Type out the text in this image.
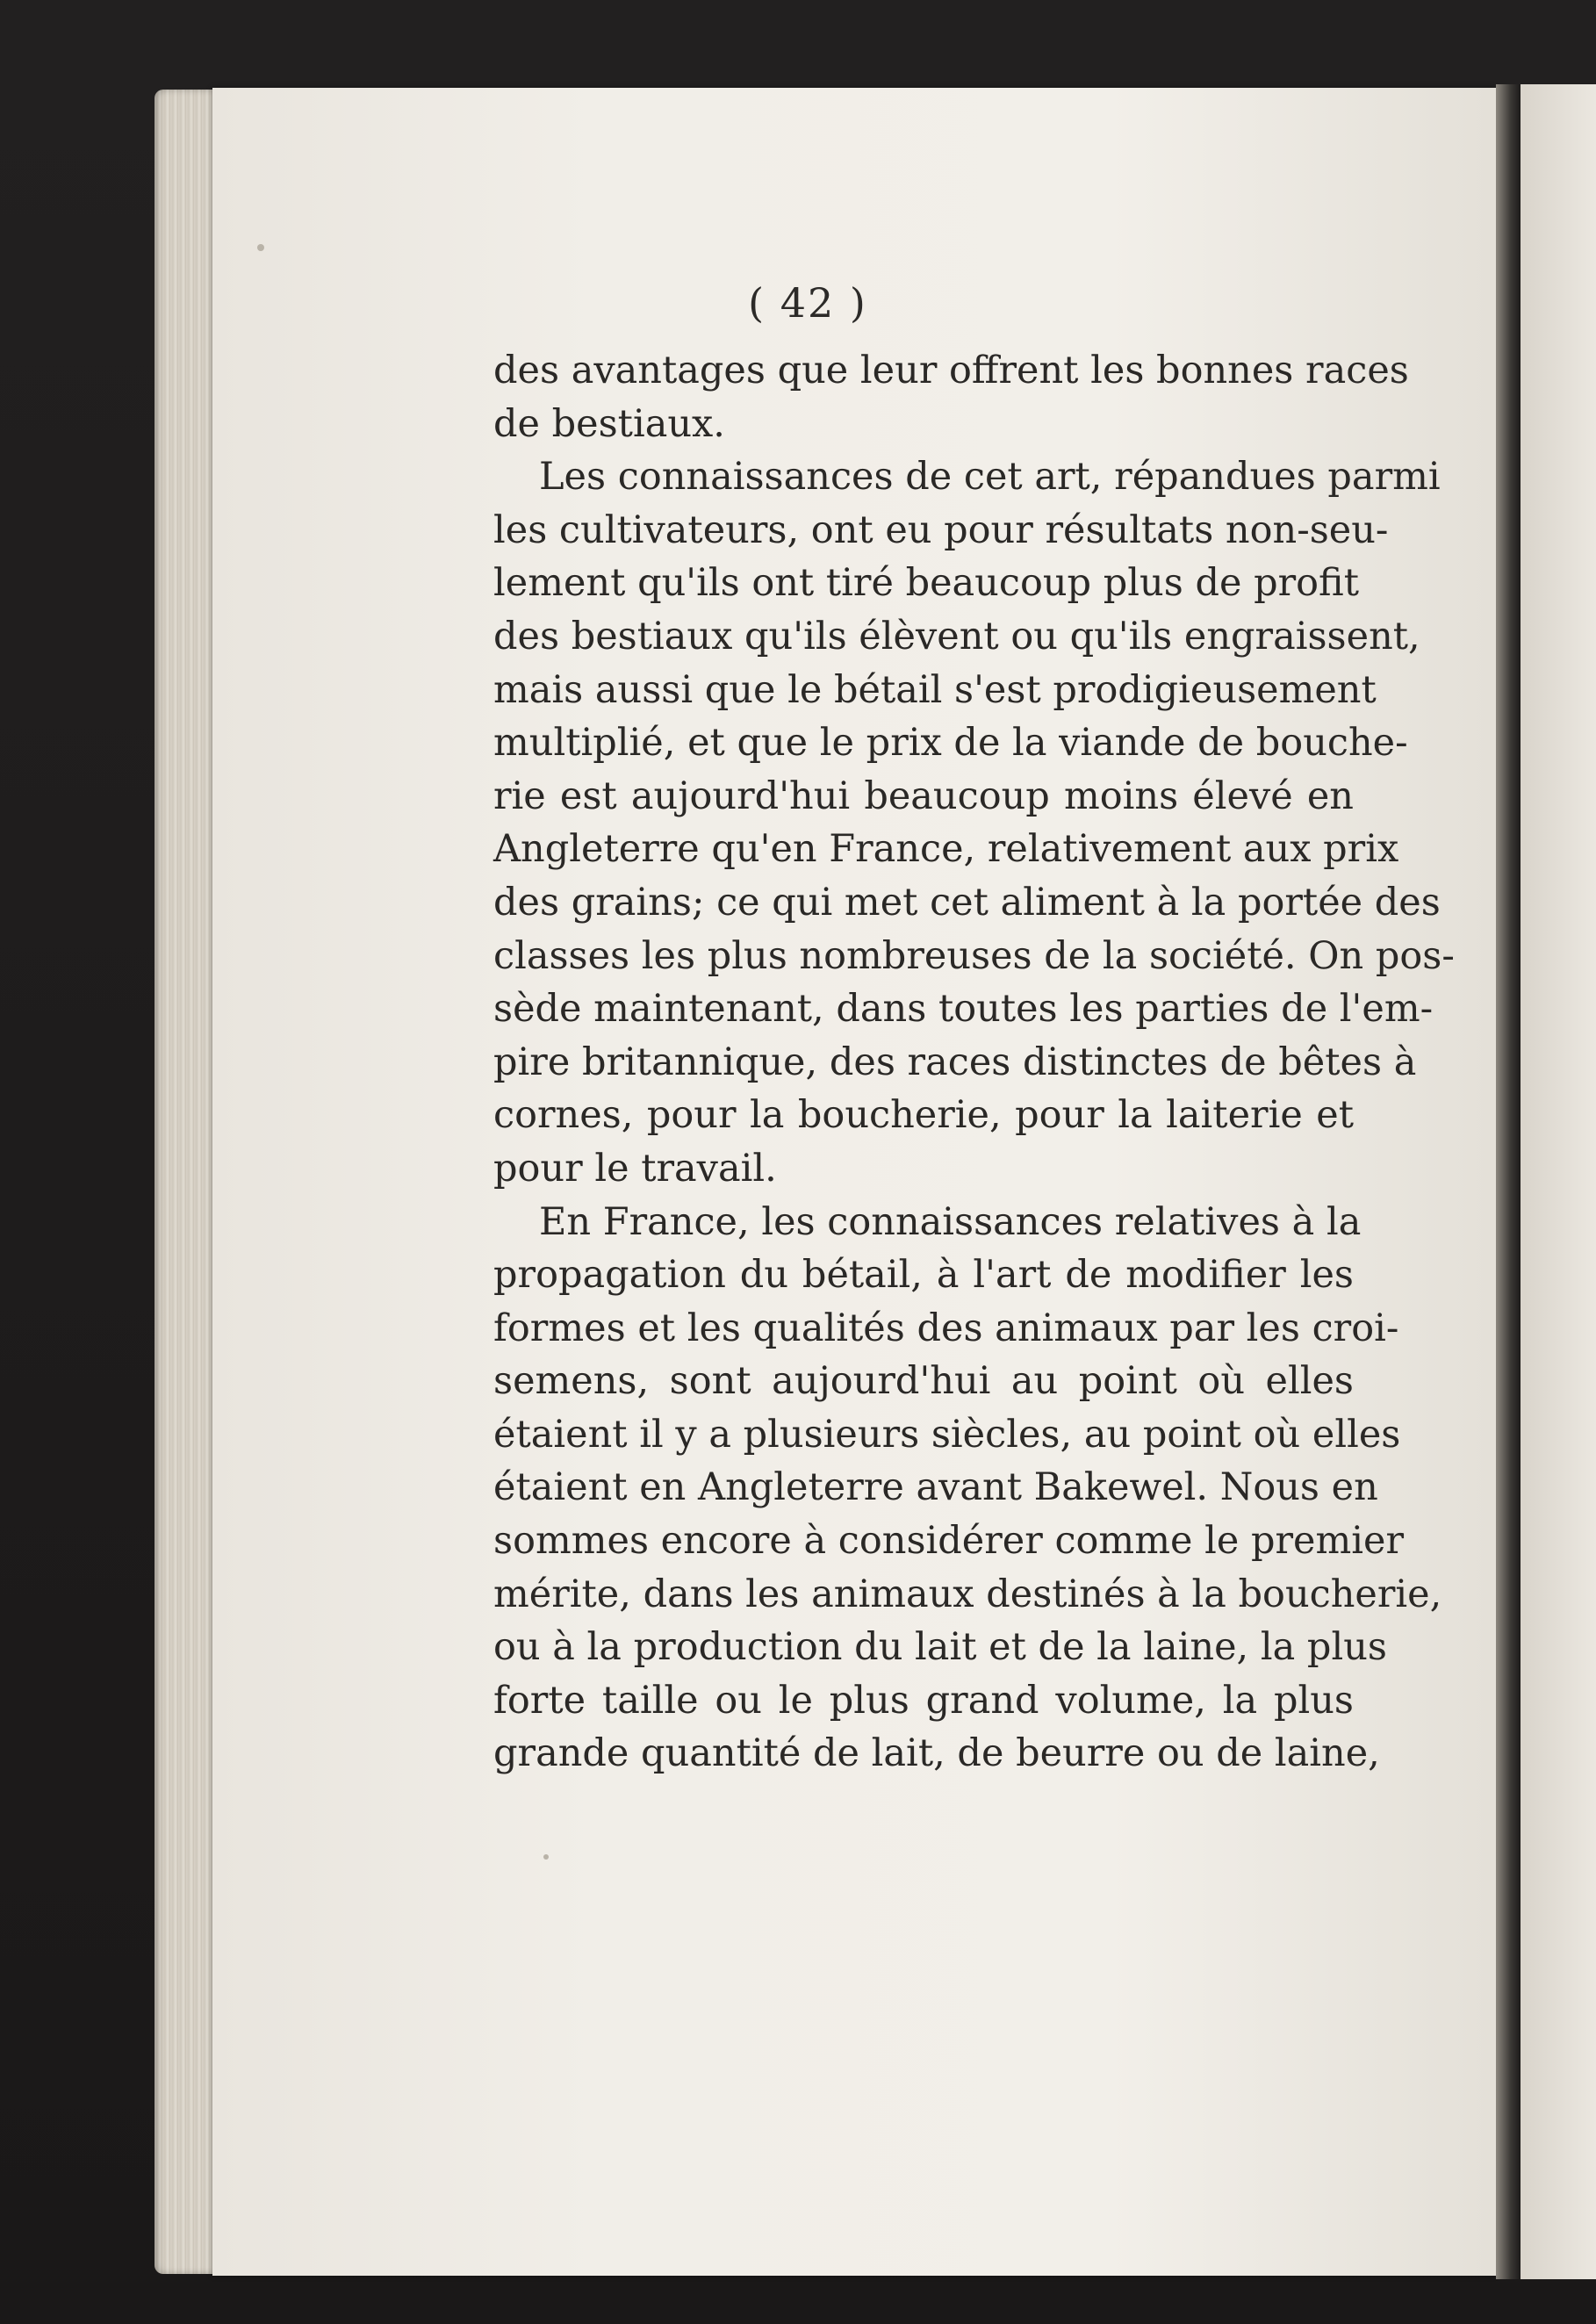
( 42 )
des avantages que leur offrent les bonnes races
de bestiaux.
Les connaissances de cet art, répandues parmi
les cultivateurs, ont eu pour résultats non-seu-
lement qu'ils ont tiré beaucoup plus de profit
des bestiaux qu'ils élèvent ou qu'ils engraissent,
mais aussi que le bétail s'est prodigieusement
multiplié, et que le prix de la viande de bouche-
rie est aujourd'hui beaucoup moins élevé en
Angleterre qu'en France, relativement aux prix
des grains; ce qui met cet aliment à la portée des
classes les plus nombreuses de la société. On pos-
sède maintenant, dans toutes les parties de l'em-
pire britannique, des races distinctes de bêtes à
cornes, pour la boucherie, pour la laiterie et
pour le travail.
En France, les connaissances relatives à la
propagation du bétail, à l'art de modifier les
formes et les qualités des animaux par les croi-
semens, sont aujourd'hui au point où elles
étaient il y a plusieurs siècles, au point où elles
étaient en Angleterre avant Bakewel. Nous en
sommes encore à considérer comme le premier
mérite, dans les animaux destinés à la boucherie,
ou à la production du lait et de la laine, la plus
forte taille ou le plus grand volume, la plus
grande quantité de lait, de beurre ou de laine,
